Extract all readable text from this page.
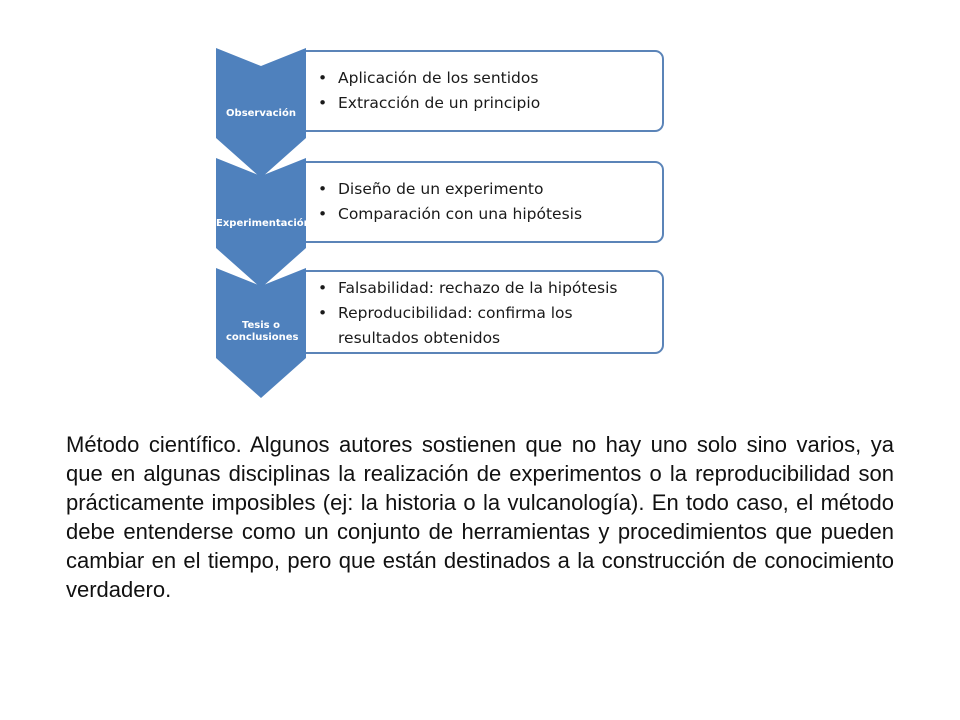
• Aplicación de los sentidos
• Extracción de un principio
Observación
• Diseño de un experimento
• Comparación con una hipótesis
Experimentación
• Falsabilidad: rechazo de la hipótesis
• Reproducibilidad: confirma los resultados obtenidos
Tesis o conclusiones

Método científico. Algunos autores sostienen que no hay uno solo sino varios, ya que en algunas disciplinas la realización de experimentos o la reproducibilidad son prácticamente imposibles (ej: la historia o la vulcanología). En todo caso, el método debe entenderse como un conjunto de herramientas y procedimientos que pueden cambiar en el tiempo, pero que están destinados a la construcción de conocimiento verdadero.
